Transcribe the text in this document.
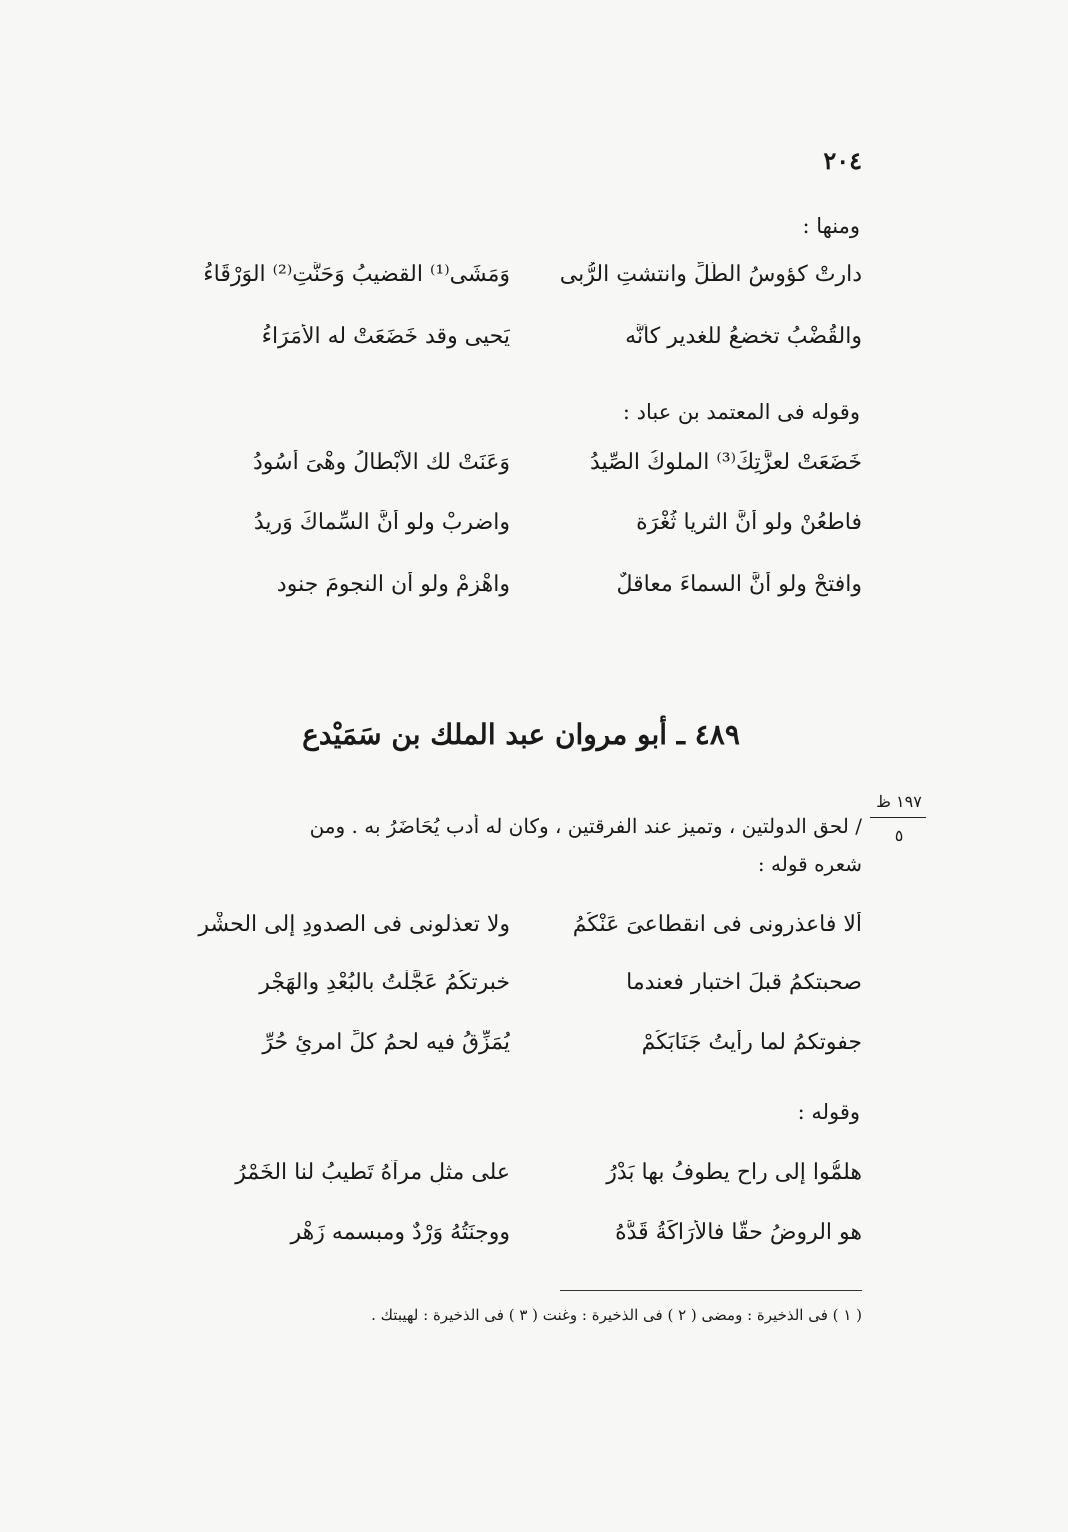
٢٠٤
ومنها :
دارتْ كؤوسُ الطَّلِّ وانتشتِ الرُّبى
وَمَشَى⁽¹⁾ القضيبُ وَحَنَّتِ⁽²⁾ الوَرْقَاءُ
والقُضْبُ تخضعُ للغديرِ كأنَّه
يَحيى وقد خَضَعَتْ له الأُمَرَاءُ
وقوله فى المعتمد بن عباد :
خَضَعَتْ لعزَّتِكَ⁽³⁾ الملوكُ الصِّيدُ
وَعَنَتْ لك الأَبْطالُ وهْىَ أُسُودُ
فاطعُنْ ولو أنَّ الثريا ثُغْرَة
واضربْ ولو أنَّ السِّماكَ وَرِيدُ
وافتحْ ولو أنَّ السماءَ معاقلٌ
واهْزِمْ ولو أن النجومَ جنود
٤٨٩ ـ أبو مروان عبد الملك بن سَمَيْدع
١٩٧ ظ
٥
/ لحق الدولتين ، وتميز عند الفرقتين ، وكان له أدب يُحَاضَرُ به . ومن
شعره قوله :
ألا فاعذرونى فى انقطاعىَ عَنْكُمُ
ولا تعذلونى فى الصدودِ إلى الحشْرِ
صحبتكمُ قبلَ اختبارٍ فعندما
خبرتكُمُ عَجَّلْتُ بالبُعْدِ والهَجْرِ
جفوتكمُ لما رأيتُ جَنَابَكُمْ
يُمَزِّقُ فيه لحمُ كلِّ امرئٍ حُرِّ
وقوله :
هلمُّوا إلى راحٍ يطوفُ بها بَدْرُ
على مثلِ مرآهُ تَطيبُ لنا الخَمْرُ
هو الروضُ حقًّا فالأَرَاكَةُ قَدُّهُ
ووجنَتُهُ وَرْدٌ ومبسمه زَهْر
( ١ ) فى الذخيرة : ومضى ( ٢ ) فى الذخيرة : وغنت ( ٣ ) فى الذخيرة : لهيبتك .
